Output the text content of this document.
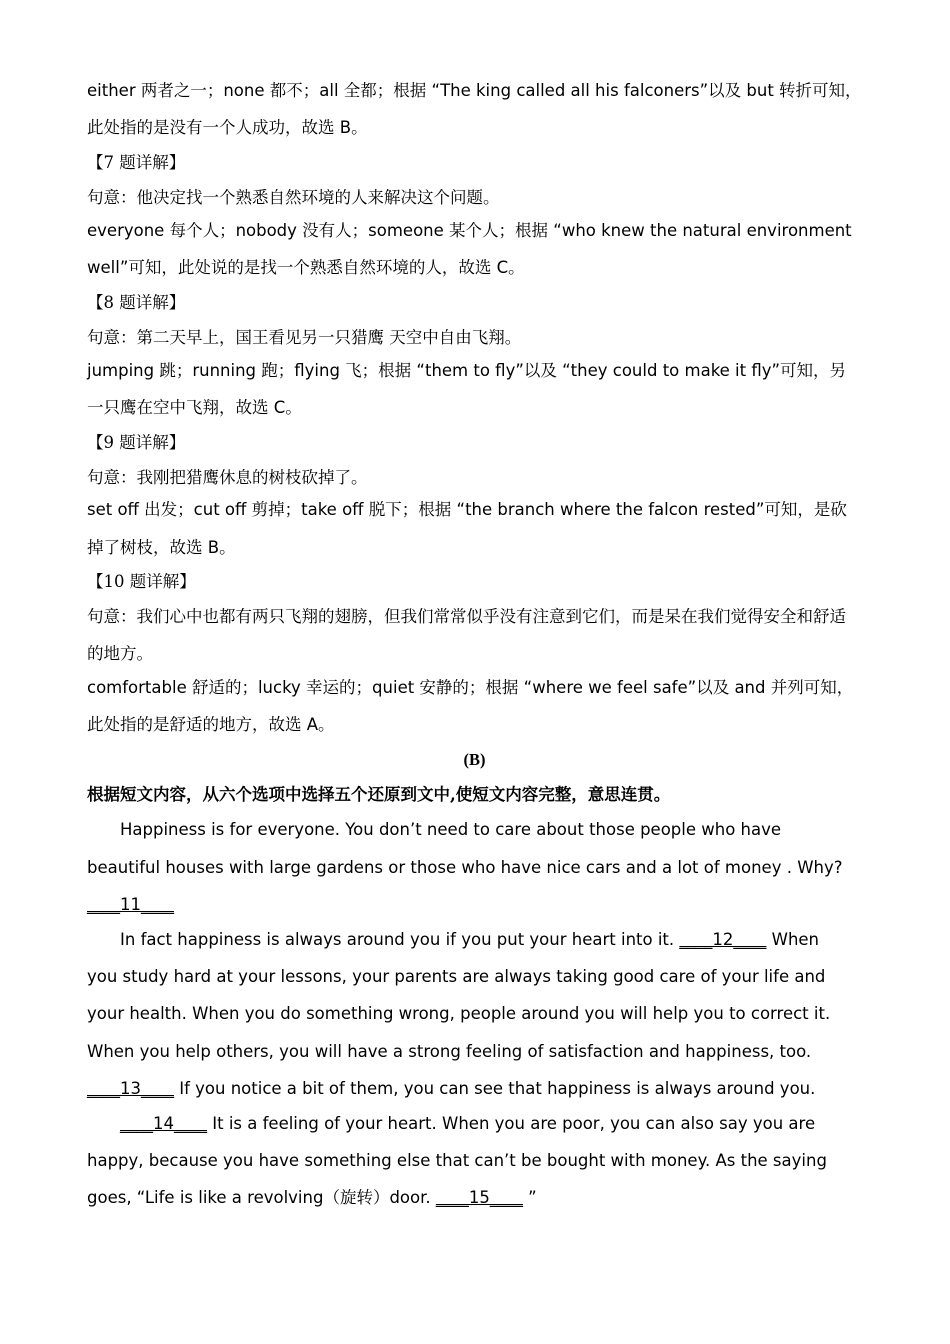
either 两者之一；none 都不；all 全都；根据 “The king called all his falconers”以及 but 转折可知，
此处指的是没有一个人成功，故选 B。
【7 题详解】
句意：他决定找一个熟悉自然环境的人来解决这个问题。
everyone 每个人；nobody 没有人；someone 某个人；根据 “who knew the natural environment
well”可知，此处说的是找一个熟悉自然环境的人，故选 C。
【8 题详解】
句意：第二天早上，国王看见另一只猎鹰 天空中自由飞翔。
jumping 跳；running 跑；flying 飞；根据 “them to fly”以及 “they could to make it fly”可知，另
一只鹰在空中飞翔，故选 C。
【9 题详解】
句意：我刚把猎鹰休息的树枝砍掉了。
set off 出发；cut off 剪掉；take off 脱下；根据 “the branch where the falcon rested”可知，是砍
掉了树枝，故选 B。
【10 题详解】
句意：我们心中也都有两只飞翔的翅膀，但我们常常似乎没有注意到它们，而是呆在我们觉得安全和舒适
的地方。
comfortable 舒适的；lucky 幸运的；quiet 安静的；根据 “where we feel safe”以及 and 并列可知，
此处指的是舒适的地方，故选 A。
(B)
根据短文内容，从六个选项中选择五个还原到文中,使短文内容完整，意思连贯。
Happiness is for everyone. You don’t need to care about those people who have
beautiful houses with large gardens or those who have nice cars and a lot of money . Why?
____11____
In fact happiness is always around you if you put your heart into it. ____12____ When
you study hard at your lessons, your parents are always taking good care of your life and
your health. When you do something wrong, people around you will help you to correct it.
When you help others, you will have a strong feeling of satisfaction and happiness, too.
____13____ If you notice a bit of them, you can see that happiness is always around you.
____14____ It is a feeling of your heart. When you are poor, you can also say you are
happy, because you have something else that can’t be bought with money. As the saying
goes, “Life is like a revolving（旋转）door. ____15____ ”
